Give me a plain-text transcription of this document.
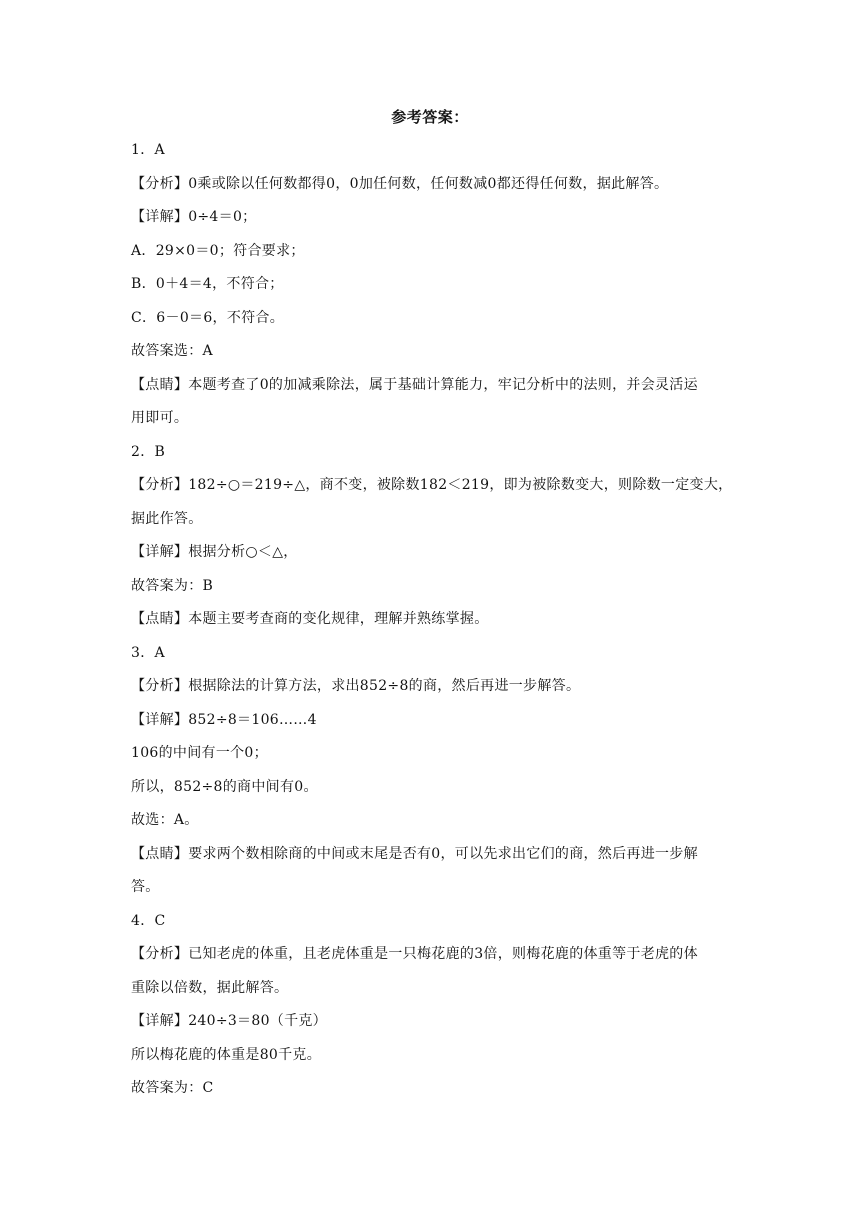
参考答案：

1．A

【分析】0乘或除以任何数都得0，0加任何数，任何数减0都还得任何数，据此解答。

【详解】0÷4＝0；

A．29×0＝0；符合要求；

B．0＋4＝4，不符合；

C．6－0＝6，不符合。

故答案选：A

【点睛】本题考查了0的加减乘除法，属于基础计算能力，牢记分析中的法则，并会灵活运

用即可。

2．B

【分析】182÷○＝219÷△，商不变，被除数182＜219，即为被除数变大，则除数一定变大，

据此作答。

【详解】根据分析○＜△，

故答案为：B

【点睛】本题主要考查商的变化规律，理解并熟练掌握。

3．A

【分析】根据除法的计算方法，求出852÷8的商，然后再进一步解答。

【详解】852÷8＝106……4

106的中间有一个0；

所以，852÷8的商中间有0。

故选：A。

【点睛】要求两个数相除商的中间或末尾是否有0，可以先求出它们的商，然后再进一步解

答。

4．C

【分析】已知老虎的体重，且老虎体重是一只梅花鹿的3倍，则梅花鹿的体重等于老虎的体

重除以倍数，据此解答。

【详解】240÷3＝80（千克）

所以梅花鹿的体重是80千克。

故答案为：C
